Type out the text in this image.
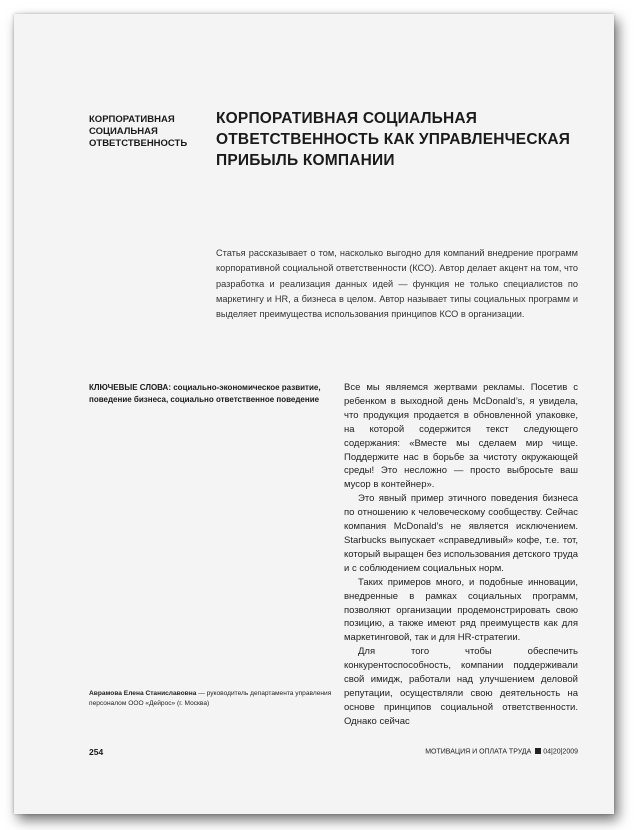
КОРПОРАТИВНАЯ
СОЦИАЛЬНАЯ
ОТВЕТСТВЕННОСТЬ
КОРПОРАТИВНАЯ СОЦИАЛЬНАЯ
ОТВЕТСТВЕННОСТЬ КАК УПРАВЛЕНЧЕСКАЯ
ПРИБЫЛЬ КОМПАНИИ
Статья рассказывает о том, насколько выгодно для компаний внедрение программ корпоративной социальной ответственности (КСО). Автор делает акцент на том, что разработка и реализация данных идей — функция не только специалистов по маркетингу и HR, а бизнеса в целом. Автор называет типы социальных программ и выделяет преимущества использования принципов КСО в организации.
КЛЮЧЕВЫЕ СЛОВА: социально-экономическое развитие, поведение бизнеса, социально ответственное поведение

Все мы являемся жертвами рекламы. Посетив с ребенком в выходной день McDonald’s, я увидела, что продукция продается в обновленной упаковке, на которой содержится текст следующего содержания: «Вместе мы сделаем мир чище. Поддержите нас в борьбе за чистоту окружающей среды! Это несложно — просто выбросьте ваш мусор в контейнер».

Это явный пример этичного поведения бизнеса по отношению к человеческому сообществу. Сейчас компания McDonald’s не является исключением. Starbucks выпускает «справедливый» кофе, т.е. тот, который выращен без использования детского труда и с соблюдением социальных норм.

Таких примеров много, и подобные инновации, внедренные в рамках социальных программ, позволяют организации продемонстрировать свою позицию, а также имеют ряд преимуществ как для маркетинговой, так и для HR-стратегии.

Для того чтобы обеспечить конкурентоспособность, компании поддерживали свой имидж, работали над улучшением деловой репутации, осуществляли свою деятельность на основе принципов социальной ответственности. Однако сейчас

Аврамова Елена Станиславовна — руководитель департамента управления персоналом ООО «Дейрос» (г. Москва)
254	МОТИВАЦИЯ И ОПЛАТА ТРУДА 04|20|2009
